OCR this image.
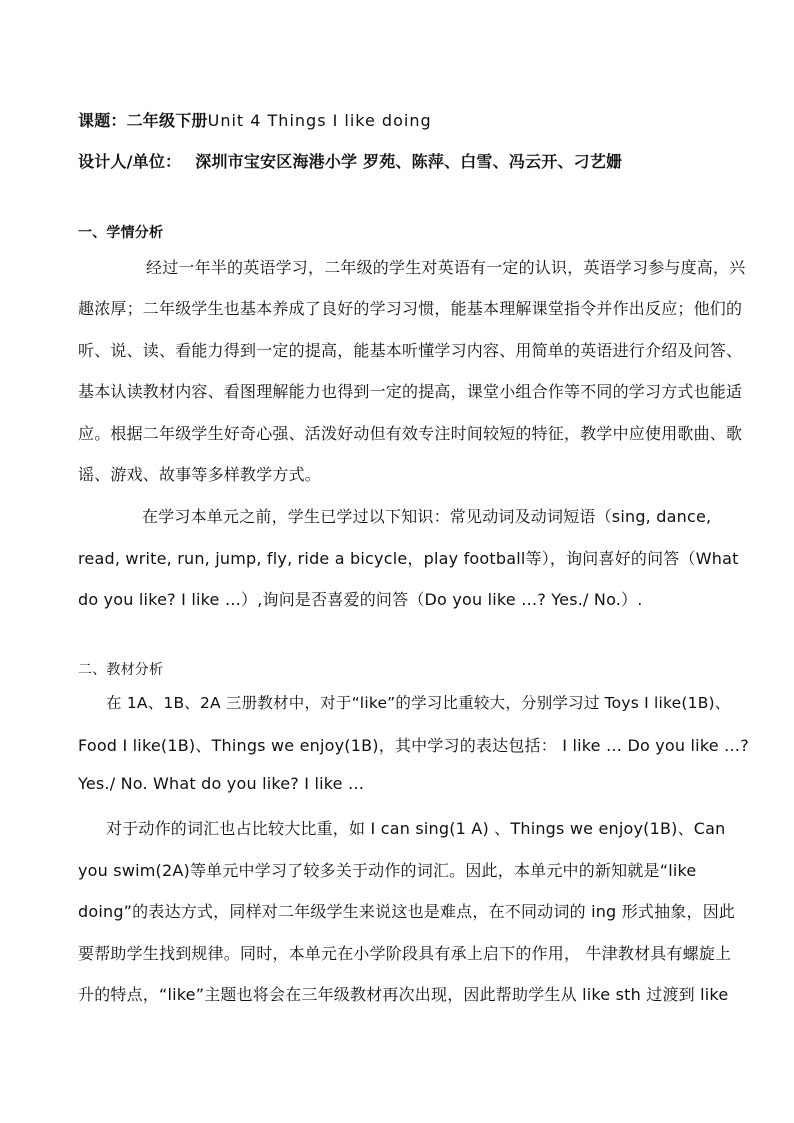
课题：二年级下册Unit 4 Things I like doing
设计人/单位： 深圳市宝安区海港小学 罗苑、陈萍、白雪、冯云开、刁艺姗
一、学情分析
经过一年半的英语学习，二年级的学生对英语有一定的认识，英语学习参与度高，兴
趣浓厚；二年级学生也基本养成了良好的学习习惯，能基本理解课堂指令并作出反应；他们的
听、说、读、看能力得到一定的提高，能基本听懂学习内容、用简单的英语进行介绍及问答、
基本认读教材内容、看图理解能力也得到一定的提高，课堂小组合作等不同的学习方式也能适
应。根据二年级学生好奇心强、活泼好动但有效专注时间较短的特征，教学中应使用歌曲、歌
谣、游戏、故事等多样教学方式。
在学习本单元之前，学生已学过以下知识：常见动词及动词短语（sing, dance,
read, write, run, jump, fly, ride a bicycle，play football等），询问喜好的问答（What
do you like? I like …）,询问是否喜爱的问答（Do you like …? Yes./ No.）.
二、教材分析
在 1A、1B、2A 三册教材中，对于“like”的学习比重较大，分别学习过 Toys I like(1B)、
Food I like(1B)、Things we enjoy(1B)，其中学习的表达包括： I like … Do you like …?
Yes./ No. What do you like? I like …
对于动作的词汇也占比较大比重，如 I can sing(1 A) 、Things we enjoy(1B)、Can
you swim(2A)等单元中学习了较多关于动作的词汇。因此，本单元中的新知就是“like
doing”的表达方式，同样对二年级学生来说这也是难点，在不同动词的 ing 形式抽象，因此
要帮助学生找到规律。同时，本单元在小学阶段具有承上启下的作用， 牛津教材具有螺旋上
升的特点，“like”主题也将会在三年级教材再次出现，因此帮助学生从 like sth 过渡到 like
